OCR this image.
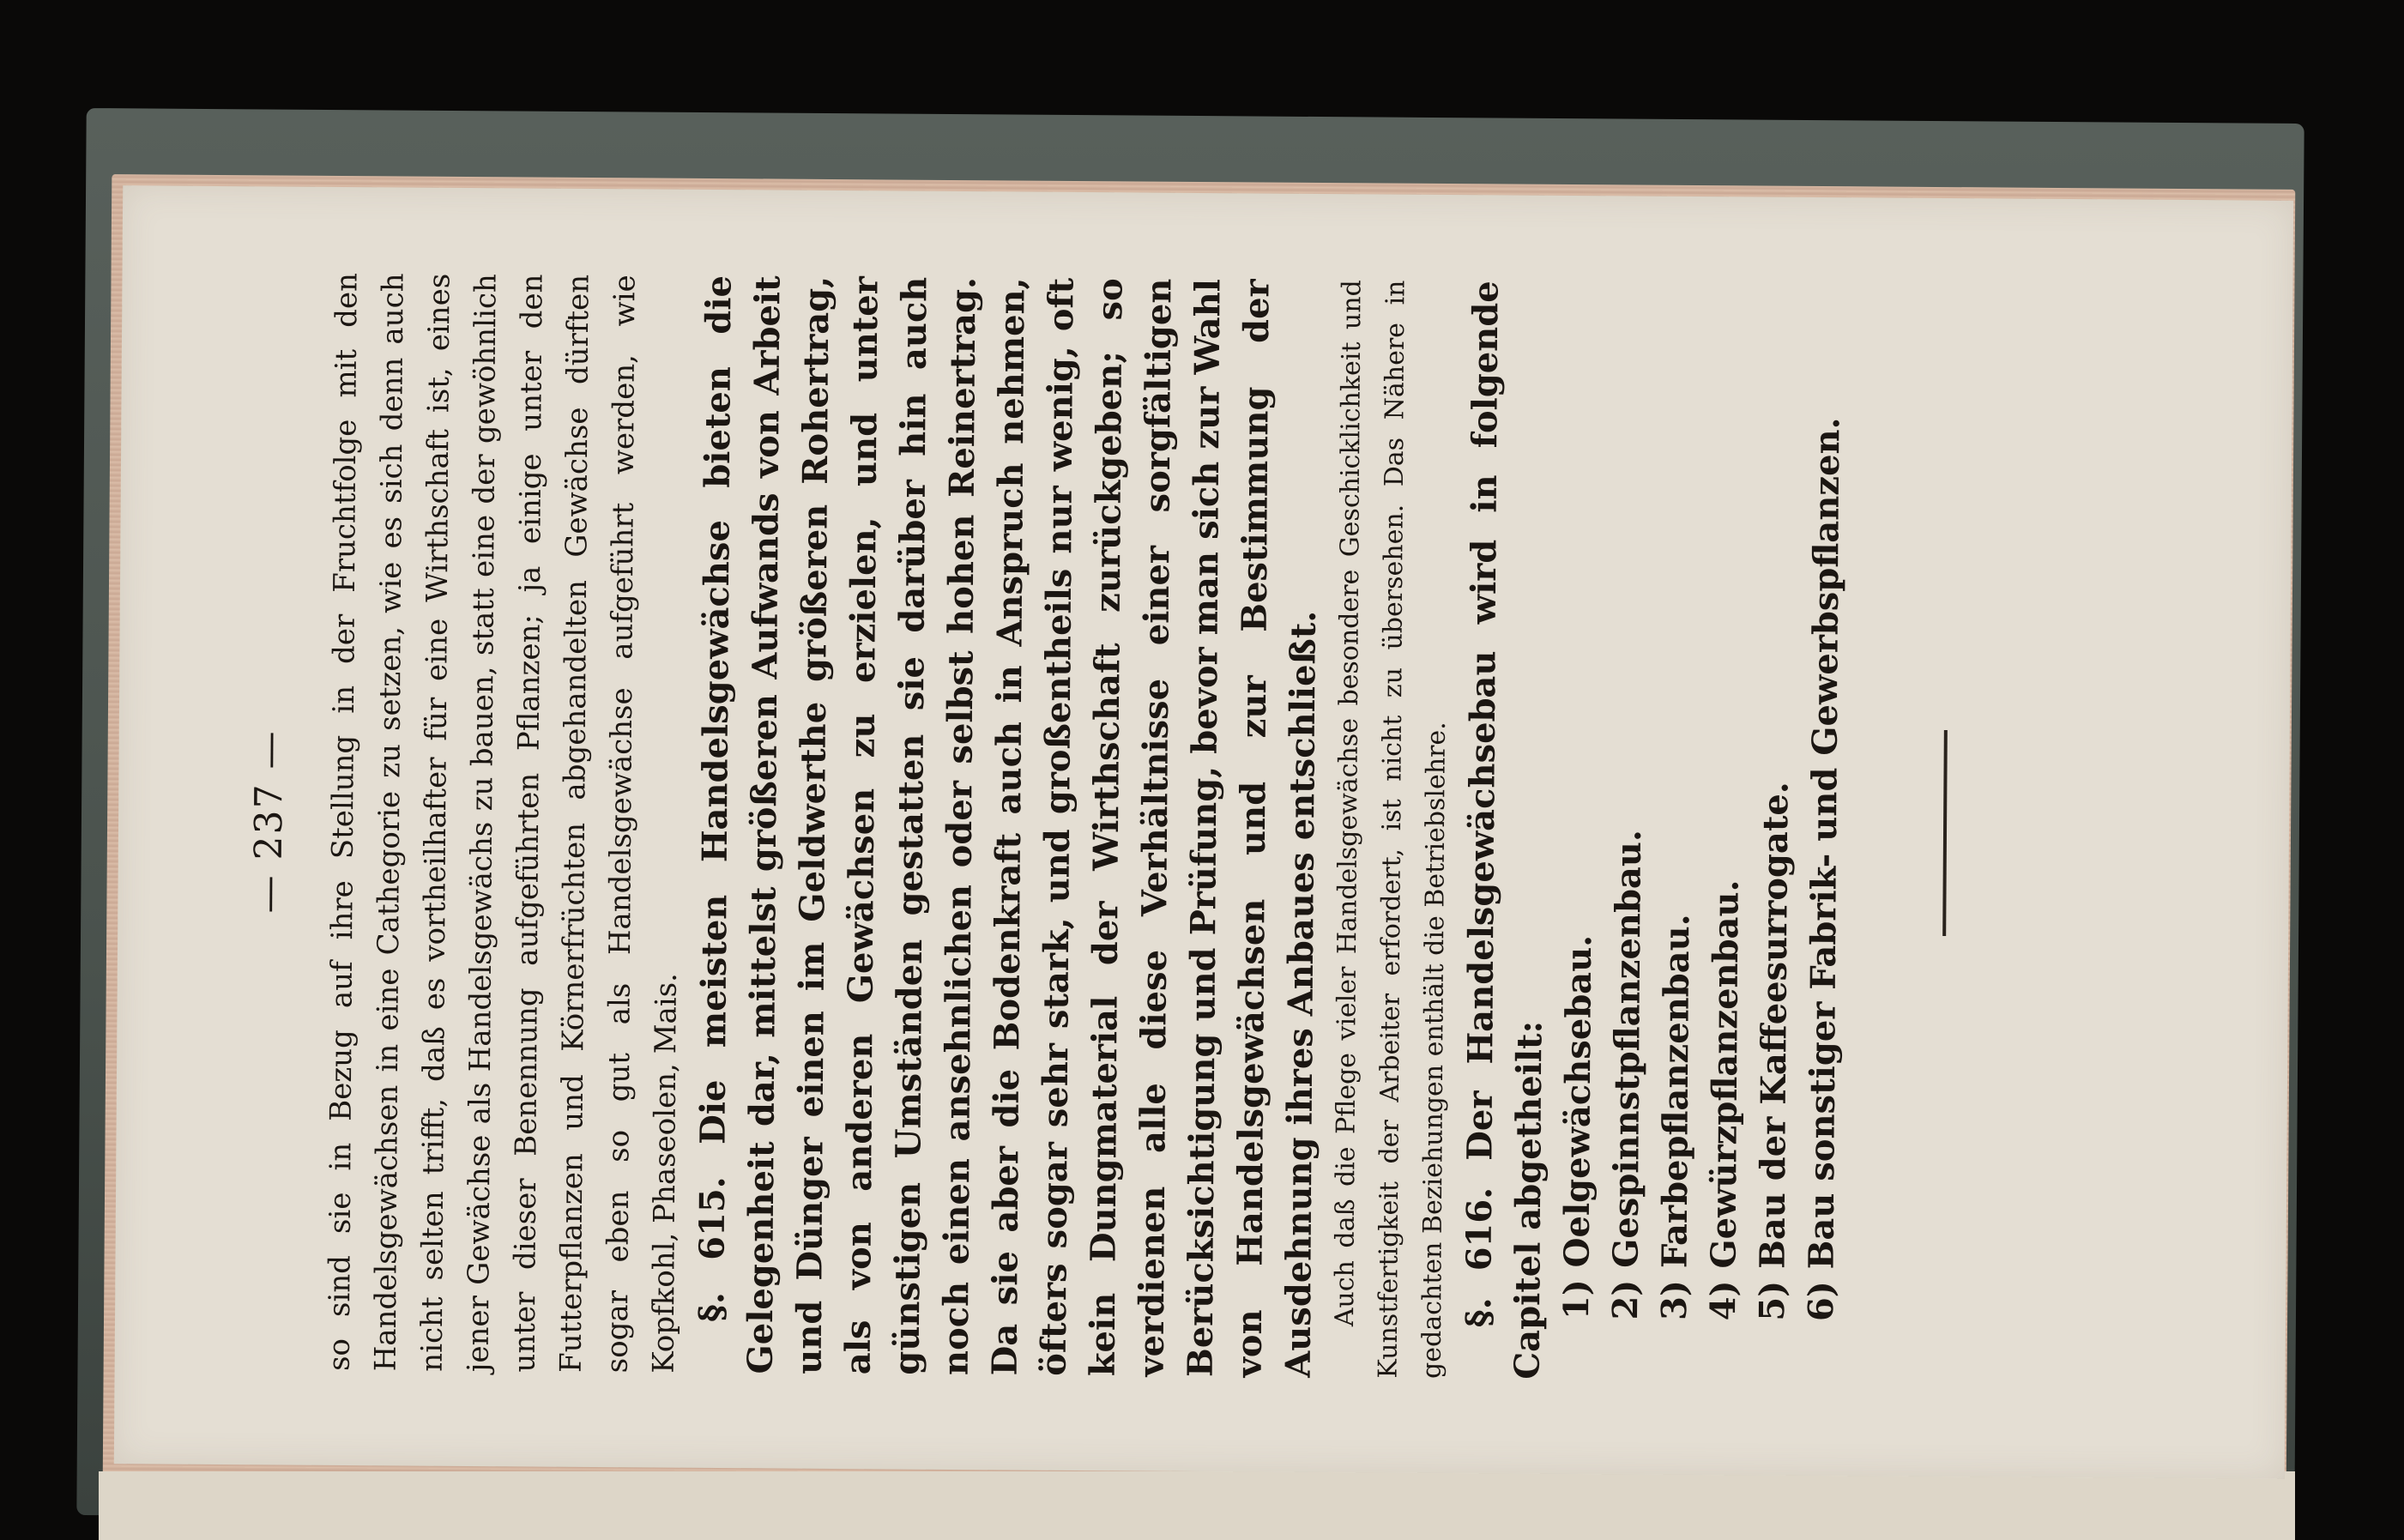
— 237 — so sind sie in Bezug auf ihre Stellung in der Fruchtfolge mit den Handelsgewächsen in eine Cathegorie zu setzen, wie es sich denn auch nicht selten trifft, daß es vortheilhafter für eine Wirthschaft ist, eines jener Gewächse als Handelsgewächs zu bauen, statt eine der gewöhnlich unter dieser Benennung aufgeführten Pflanzen; ja einige unter den Futterpflanzen und Körnerfrüchten abgehandelten Gewächse dürften sogar eben so gut als Handelsgewächse aufgeführt werden, wie Kopfkohl, Phaseolen, Mais. §. 615. Die meisten Handelsgewächse bieten die Gelegenheit dar, mittelst größeren Aufwands von Arbeit und Dünger einen im Geldwerthe größeren Rohertrag, als von anderen Gewächsen zu erzielen, und unter günstigen Umständen gestatten sie darüber hin auch noch einen ansehnlichen oder selbst hohen Reinertrag. Da sie aber die Bodenkraft auch in Anspruch nehmen, öfters sogar sehr stark, und großentheils nur wenig, oft kein Dungmaterial der Wirthschaft zurückgeben; so verdienen alle diese Verhältnisse einer sorgfältigen Berücksichtigung und Prüfung, bevor man sich zur Wahl von Handelsgewächsen und zur Bestimmung der Ausdehnung ihres Anbaues entschließt. Auch daß die Pflege vieler Handelsgewächse besondere Geschicklichkeit und Kunstfertigkeit der Arbeiter erfordert, ist nicht zu übersehen. Das Nähere in gedachten Beziehungen enthält die Betriebslehre. §. 616. Der Handelsgewächsebau wird in folgende Capitel abgetheilt: 1) Oelgewächsebau. 2) Gespinnstpflanzenbau. 3) Farbepflanzenbau. 4) Gewürzpflanzenbau. 5) Bau der Kaffeesurrogate. 6) Bau sonstiger Fabrik- und Gewerbspflanzen.
